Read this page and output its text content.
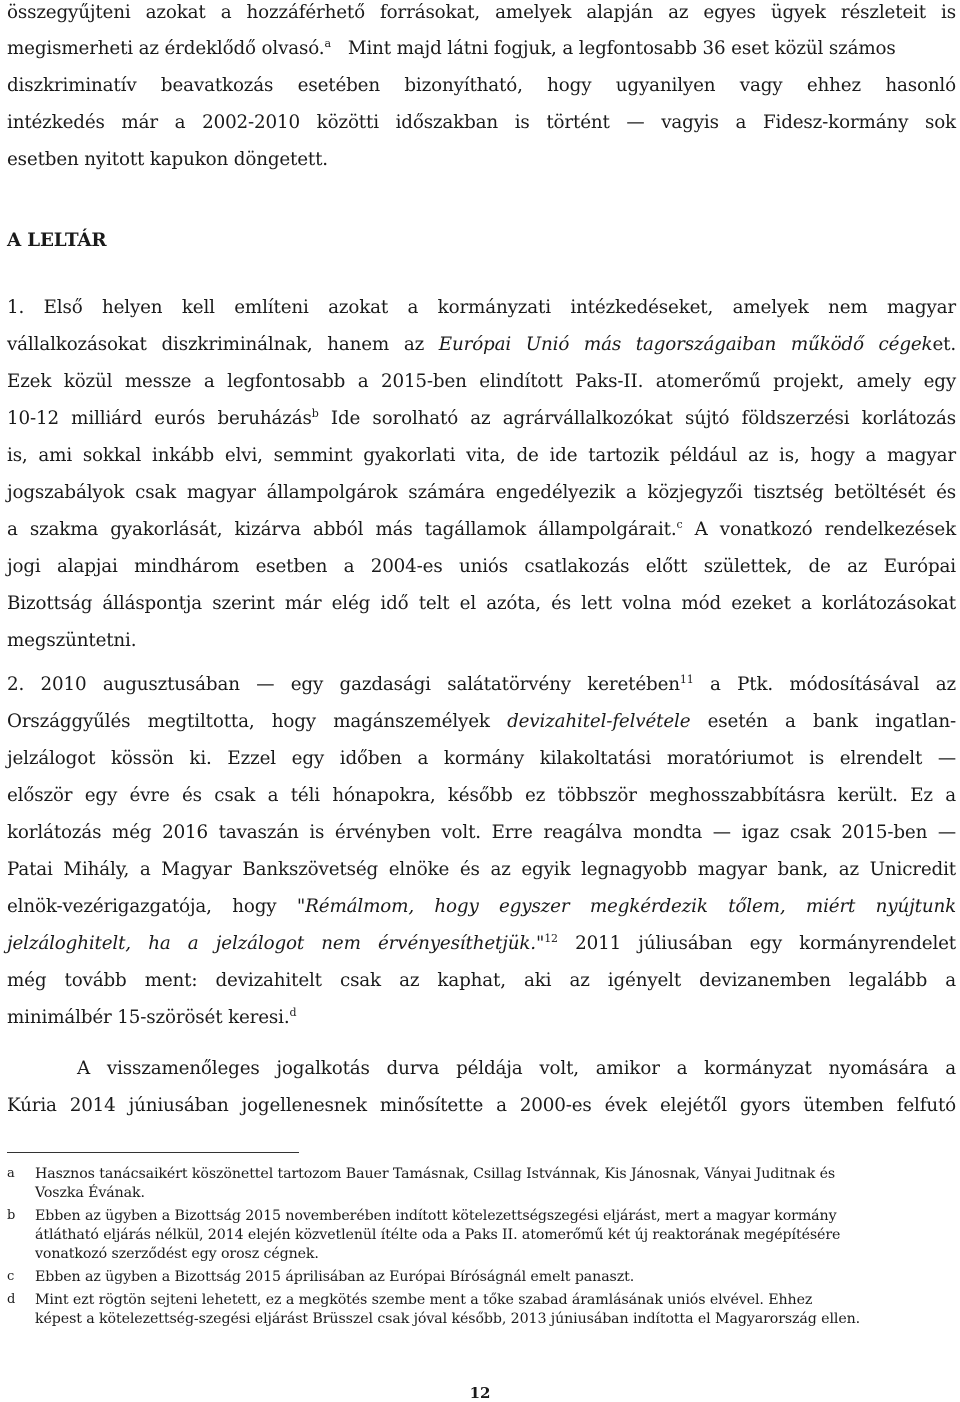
összegyűjteni azokat a hozzáférhető forrásokat, amelyek alapján az egyes ügyek részleteit is
megismerheti az érdeklődő olvasó.$^a$ Mint majd látni fogjuk, a legfontosabb 36 eset közül számos
diszkriminatív beavatkozás esetében bizonyítható, hogy ugyanilyen vagy ehhez hasonló
intézkedés már a 2002-2010 közötti időszakban is történt — vagyis a Fidesz-kormány sok
esetben nyitott kapukon döngetett.
A LELTÁR
1. Első helyen kell említeni azokat a kormányzati intézkedéseket, amelyek nem magyar
vállalkozásokat diszkriminálnak, hanem az Európai Unió más tagországaiban működő cégeket.
Ezek közül messze a legfontosabb a 2015-ben elindított Paks-II. atomerőmű projekt, amely egy
10-12 milliárd eurós beruházás$^b$ Ide sorolható az agrárvállalkozókat sújtó földszerzési korlátozás
is, ami sokkal inkább elvi, semmint gyakorlati vita, de ide tartozik például az is, hogy a magyar
jogszabályok csak magyar állampolgárok számára engedélyezik a közjegyzői tisztség betöltését és
a szakma gyakorlását, kizárva abból más tagállamok állampolgárait.$^c$ A vonatkozó rendelkezések
jogi alapjai mindhárom esetben a 2004-es uniós csatlakozás előtt születtek, de az Európai
Bizottság álláspontja szerint már elég idő telt el azóta, és lett volna mód ezeket a korlátozásokat
megszüntetni.
2. 2010 augusztusában — egy gazdasági salátatörvény keretében$^{11}$ a Ptk. módosításával az
Országgyűlés megtiltotta, hogy magánszemélyek devizahitel-felvétele esetén a bank ingatlan-
jelzálogot kössön ki. Ezzel egy időben a kormány kilakoltatási moratóriumot is elrendelt —
először egy évre és csak a téli hónapokra, később ez többször meghosszabbításra került. Ez a
korlátozás még 2016 tavaszán is érvényben volt. Erre reagálva mondta — igaz csak 2015-ben —
Patai Mihály, a Magyar Bankszövetség elnöke és az egyik legnagyobb magyar bank, az Unicredit
elnök-vezérigazgatója, hogy "Rémálmom, hogy egyszer megkérdezik tőlem, miért nyújtunk
jelzáloghitelt, ha a jelzálogot nem érvényesíthetjük."$^{12}$ 2011 júliusában egy kormányrendelet
még tovább ment: devizahitelt csak az kaphat, aki az igényelt devizanemben legalább a
minimálbér 15-szörösét keresi.$^d$
A visszamenőleges jogalkotás durva példája volt, amikor a kormányzat nyomására a
Kúria 2014 júniusában jogellenesnek minősítette a 2000-es évek elejétől gyors ütemben felfutó
a Hasznos tanácsaikért köszönettel tartozom Bauer Tamásnak, Csillag Istvánnak, Kis Jánosnak, Ványai Juditnak és
Voszka Évának.
b Ebben az ügyben a Bizottság 2015 novemberében indított kötelezettségszegési eljárást, mert a magyar kormány
átlátható eljárás nélkül, 2014 elején közvetlenül ítélte oda a Paks II. atomerőmű két új reaktorának megépítésére
vonatkozó szerződést egy orosz cégnek.
c Ebben az ügyben a Bizottság 2015 áprilisában az Európai Bíróságnál emelt panaszt.
d Mint ezt rögtön sejteni lehetett, ez a megkötés szembe ment a tőke szabad áramlásának uniós elvével. Ehhez
képest a kötelezettség-szegési eljárást Brüsszel csak jóval később, 2013 júniusában indította el Magyarország ellen.
12
